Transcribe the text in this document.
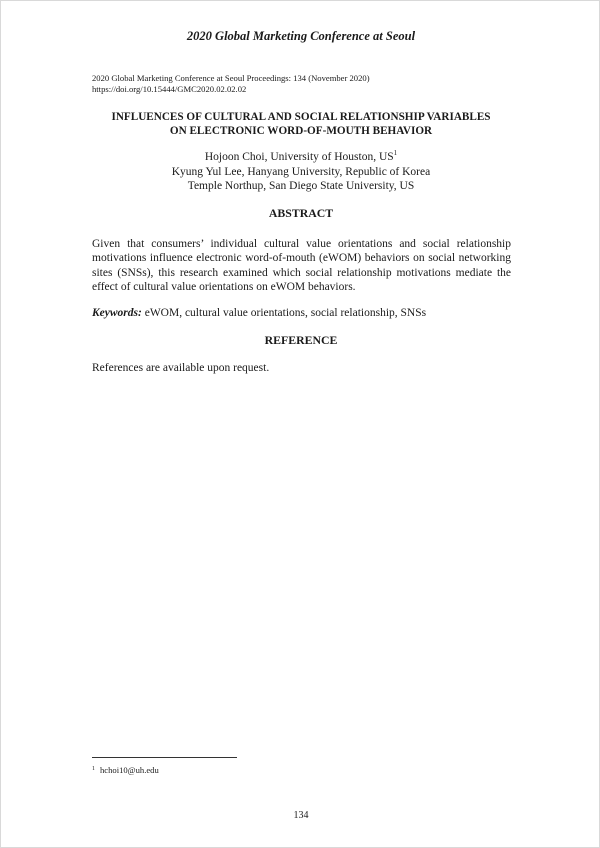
2020 Global Marketing Conference at Seoul
2020 Global Marketing Conference at Seoul Proceedings: 134 (November 2020)
https://doi.org/10.15444/GMC2020.02.02.02
INFLUENCES OF CULTURAL AND SOCIAL RELATIONSHIP VARIABLES
ON ELECTRONIC WORD-OF-MOUTH BEHAVIOR
Hojoon Choi, University of Houston, $US^1$
Kyung Yul Lee, Hanyang University, Republic of Korea
Temple Northup, San Diego State University, US
ABSTRACT
Given that consumers’ individual cultural value orientations and social relationship motivations influence electronic word-of-mouth (eWOM) behaviors on social networking sites (SNSs), this research examined which social relationship motivations mediate the effect of cultural value orientations on eWOM behaviors.
Keywords: eWOM, cultural value orientations, social relationship, SNSs
REFERENCE
References are available upon request.
$^1$ hchoi10@uh.edu
134
